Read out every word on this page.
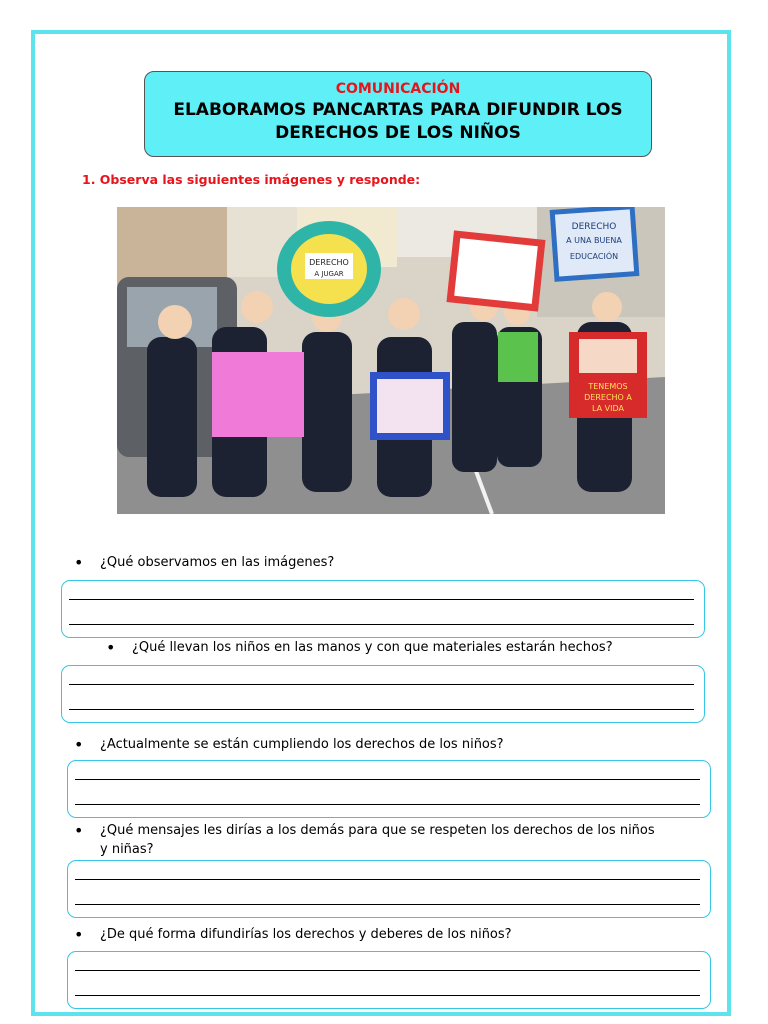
COMUNICACIÓN
ELABORAMOS PANCARTAS PARA DIFUNDIR LOS DERECHOS DE LOS NIÑOS
1. Observa las siguientes imágenes y responde:
DERECHO
A JUGAR
DERECHO
A UNA BUENA
EDUCACIÓN
TENEMOS
DERECHO A
LA VIDA
•	¿Qué observamos en las imágenes?
•	¿Qué llevan los niños en las manos y con que materiales estarán hechos?
•	¿Actualmente se están cumpliendo los derechos de los niños?
•	¿Qué mensajes les dirías a los demás para que se respeten los derechos de los niños y niñas?
•	¿De qué forma difundirías los derechos y deberes de los niños?
